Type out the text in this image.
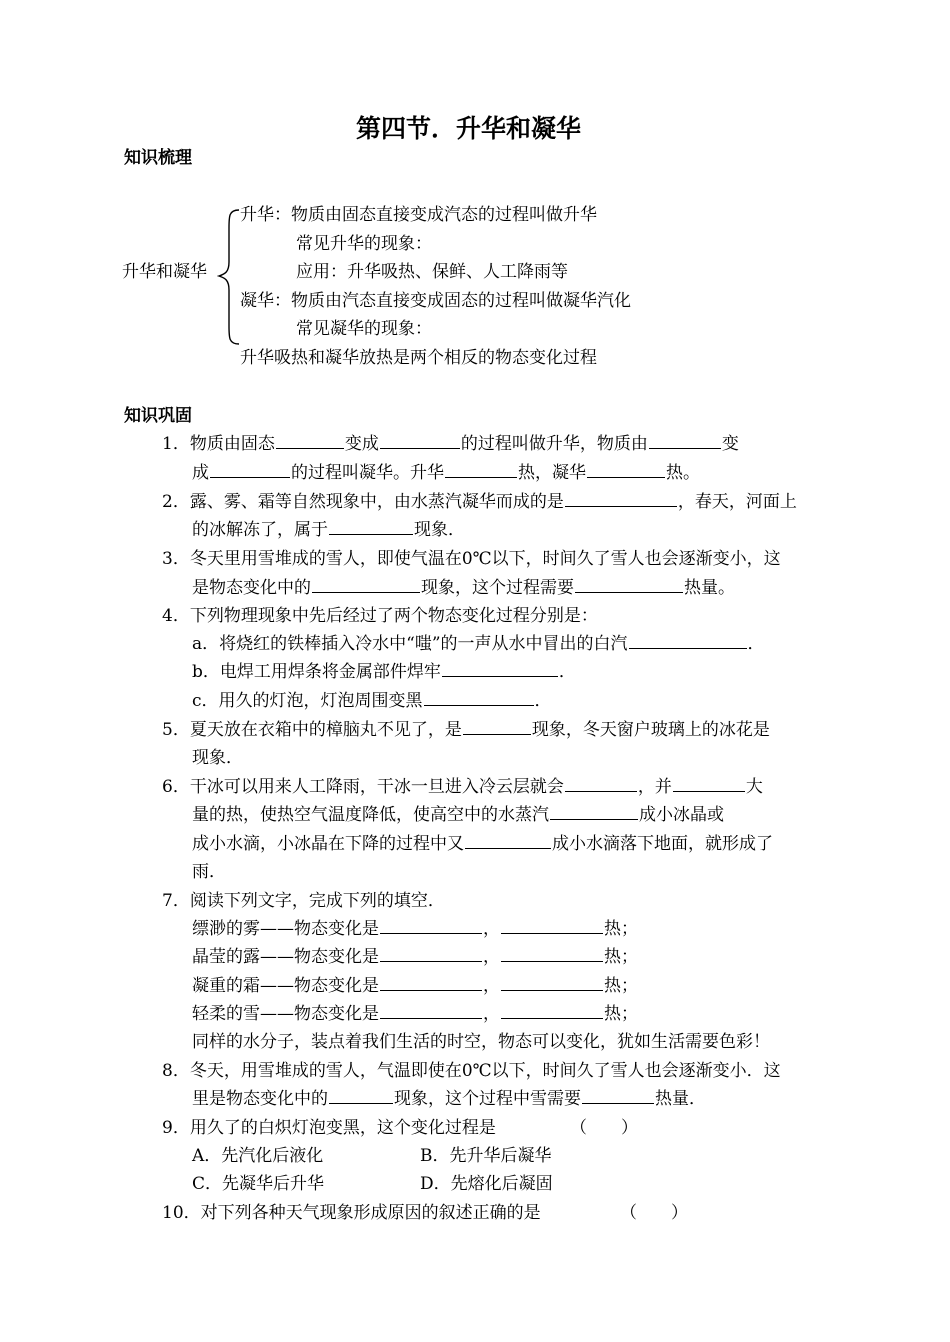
第四节．升华和凝华
知识梳理
升华和凝华
升华：物质由固态直接变成汽态的过程叫做升华
常见升华的现象：
应用：升华吸热、保鲜、人工降雨等
凝华：物质由汽态直接变成固态的过程叫做凝华汽化
常见凝华的现象：
升华吸热和凝华放热是两个相反的物态变化过程
知识巩固
1．物质由固态	变成	的过程叫做升华，物质由	变
成	的过程叫凝华。升华	热，凝华	热。
2．露、雾、霜等自然现象中，由水蒸汽凝华而成的是	，春天，河面上
的冰解冻了，属于	现象．
3．冬天里用雪堆成的雪人，即使气温在0℃以下，时间久了雪人也会逐渐变小，这
是物态变化中的	现象，这个过程需要	热量。
4．下列物理现象中先后经过了两个物态变化过程分别是：
a．将烧红的铁棒插入冷水中“嗤”的一声从水中冒出的白汽	．
b．电焊工用焊条将金属部件焊牢	．
c．用久的灯泡，灯泡周围变黑	．
5．夏天放在衣箱中的樟脑丸不见了，是	现象，冬天窗户玻璃上的冰花是
现象．
6．干冰可以用来人工降雨，干冰一旦进入冷云层就会	，并	大
量的热，使热空气温度降低，使高空中的水蒸汽	成小冰晶或
成小水滴，小冰晶在下降的过程中又	成小水滴落下地面，就形成了
雨．
7．阅读下列文字，完成下列的填空．
缥渺的雾——物态变化是	，	热；
晶莹的露——物态变化是	，	热；
凝重的霜——物态变化是	，	热；
轻柔的雪——物态变化是	，	热；
同样的水分子，装点着我们生活的时空，物态可以变化，犹如生活需要色彩！
8．冬天，用雪堆成的雪人，气温即使在0℃以下，时间久了雪人也会逐渐变小．这
里是物态变化中的	现象，这个过程中雪需要	热量．
9．用久了的白炽灯泡变黑，这个变化过程是	（　　）
A．先汽化后液化	B．先升华后凝华
C．先凝华后升华	D．先熔化后凝固
10．对下列各种天气现象形成原因的叙述正确的是	（　　）
